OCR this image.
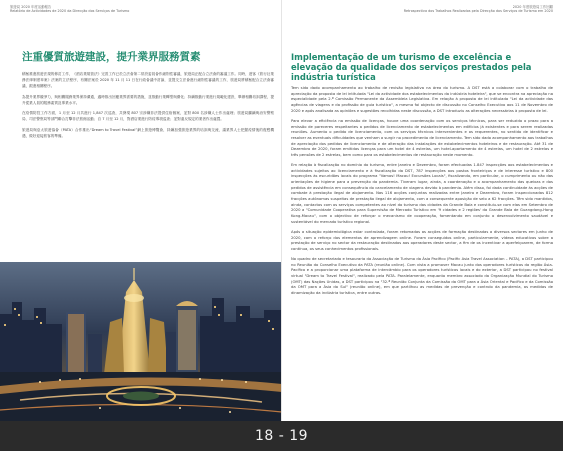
旅遊局 2020 年度活動報告
Relatório de Actividades de 2020 da Direcção dos Serviços de Turismo
注重優質旅遊建設，提升業界服務質素

積極推進旅遊法規的修訂工作，《酒店業規管法》完善工作已於立法會第二常設委員會作細則性審議，旅遊局正配合立法會的審議工作。同時，遊客《旅行社業務法律制度草案》法案的立法程序，有關法案於 2020 年 11 月 11 日在行政會議中討論，並提交立法會進行細則性審議的工作，旅遊局將積極配合立法會審議，跟進相關程序。

為提升業界競爭力，與相關服務業界保持溝通，適時推出回應業界需要的措施，並推動行業轉型與優化；持續推動行業進行規範化建設，舉辦相關培訓課程，提升從業人員的服務素質及專業水平。

在疫情防控工作方面，1 月至 12 月共進行 1,847 次巡查，共發現 807 宗涉嫌非法提供住宿個案，並對 800 名涉嫌人士作出處理；旅遊局繼續與治安警察局、司法警察局等部門聯合打擊非法旅館活動；自 7 月至 12 月，對酒店業進行防疫專項巡查；並對違反規定的業者作出處罰。

旅遊局與亞太旅遊協會（PATA）合作推出“Dream to Travel Festival”網上旅遊博覽會，持續加強旅遊業界的培訓與交流，讓業界人士把握疫情後的復甦機遇，做好迎接旅客的準備。

2020 年度旅遊局工作回顧
Retrospectiva dos Trabalhos Realizados pela Direcção dos Serviços de Turismo em 2020
Implementação de um turismo de excelência e elevação da qualidade dos serviços prestados pela indústria turística

Tem sido dado acompanhamento ao trabalho de revisão legislativa na área do turismo. A DST está a colaborar com o trabalho de apreciação da proposta de lei intitulada "Lei da actividade dos estabelecimentos da indústria hoteleira", que se encontra na apreciação na especialidade pela 2.ª Comissão Permanente da Assembleia Legislativa. Em relação à proposta de lei intitulada "Lei da actividade das agências de viagens e da profissão de guia turístico", a mesma foi objecto de discussão no Conselho Executivo aos 11 de Novembro de 2020 e após analisada as opiniões e sugestões recolhidas neste discussão, a DST introduziu as alterações necessárias à proposta de lei.

Para elevar a eficiência na emissão de licenças, houve uma coordenação com os serviços técnicos, para ser reduzido o prazo para a emissão de pareceres respeitantes a pedidos de licenciamento de estabelecimentos em edifícios já existentes e para serem realizadas reuniões. Aumento o pedido de licenciamento, com os serviços técnicos intervenientes e os requerentes, no sentido de identificar e resolver as eventuais dificuldades que venham a surgir no procedimento de licenciamento. Tem sido dado acompanhamento aos trabalhos de apreciação dos pedidos de licenciamento e de alteração das instalações de estabelecimentos hoteleiros e de restauração. Até 31 de Dezembro de 2020, foram emitidas licenças para um hotel de 4 estrelas, um hotel-apartamento de 4 estrelas, um hotel de 2 estrelas e três pensões de 2 estrelas, bem como para os estabelecimentos de restauração neste momento.

Em relação à fiscalização no domínio do turismo, entre Janeiro e Dezembro, foram efectuadas 1.847 inspecções aos estabelecimentos e actividades sujeitos ao licenciamento e à fiscalização da DST, 787 inspecções aos postos fronteiriços e de interesse turístico e 800 inspecções às escuridões locais do programa "Vamos! Macau! Excursões Locais", fiscalizando, em particular, o cumprimento ou não das orientações de higiene para a prevenção da pandemia. Tiveram lugar, ainda, a coordenação e o acompanhamento das queixas e dos pedidos de assistência em consequência do cancelamento de viagens devido à pandemia. Além disso, foi dada continuidade às acções de combate à prestação ilegal de alojamento. Nas 116 acções conjuntas realizadas entre Janeiro e Dezembro, foram inspeccionadas 812 fracções autónomas suspeitas de prestação ilegal de alojamento, com a consequente aposição de selo a 62 fracções. Têm sido mantidos, ainda, contactos com os serviços competentes ao nível do turismo das cidades da Grande Baía e constituiu-se com elas em Setembro de 2020 a "Comunidade Cooperativa para Supervisão de Mercado Turístico em '9 cidades e 2 regiões' da Grande Baía de Guangdong-Hong Kong-Macau", com o objectivo de reforçar o mecanismo de cooperação, fomentando em conjunto o desenvolvimento saudável e sustentável do mercado turístico regional.

Após a situação epidemiológica estar controlada, foram retomadas as acções de formação destinadas a diversos sectores em Junho de 2020, com o reforço dos elementos de aprendizagem online. Foram conseguidos online, particularmente, vídeos educativos sobre a prestação de serviço no sector da restauração destinados aos operadores deste sector, a fim de os incentivar a aperfeiçoarem, de forma contínua, os seus conhecimentos profissionais.

No quadro de secretariado e tesouraria da Associação de Turismo da Ásia Pacífico (Pacific Asia Travel Association – PATA), a DST participou no Reunião do Conselho Executivo da PATA (reunião online). Com vista a promover Macau junto dos operadores turísticos da região Ásia-Pacífico e a proporcionar uma plataforma de intercâmbio para os operadores turísticos locais e do exterior, a DST participou no festival virtual "Dream to Travel Festival", realizado pela PATA. Paralelamente, enquanto membro associado da Organização Mundial do Turismo (OMT) das Nações Unidas, a DST participou na "32.ª Reunião Conjunta da Comissão da OMT para a Ásia Oriental e Pacífico e da Comissão da OMT para a Ásia do Sul" (reunião online), em que partilhou as medidas de prevenção e controlo da pandemia, as medidas de dinamização da indústria turística, entre outras.

18 - 19
